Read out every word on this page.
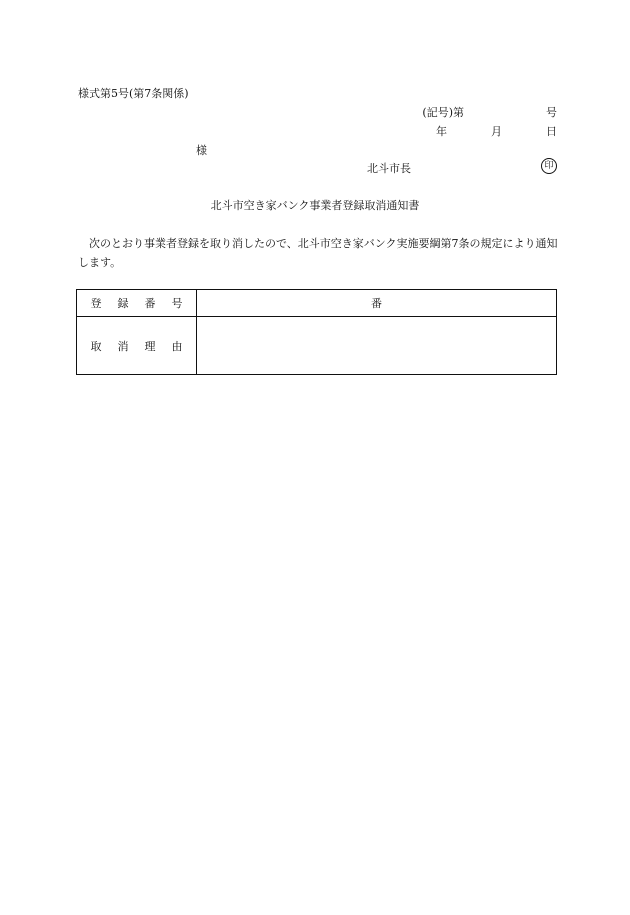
様式第5号(第7条関係)
(記号)第	号
年	月	日
様
北斗市長	印
北斗市空き家バンク事業者登録取消通知書
次のとおり事業者登録を取り消したので、北斗市空き家バンク実施要綱第7条の規定により通知します。
登録番号	番
取消理由	
